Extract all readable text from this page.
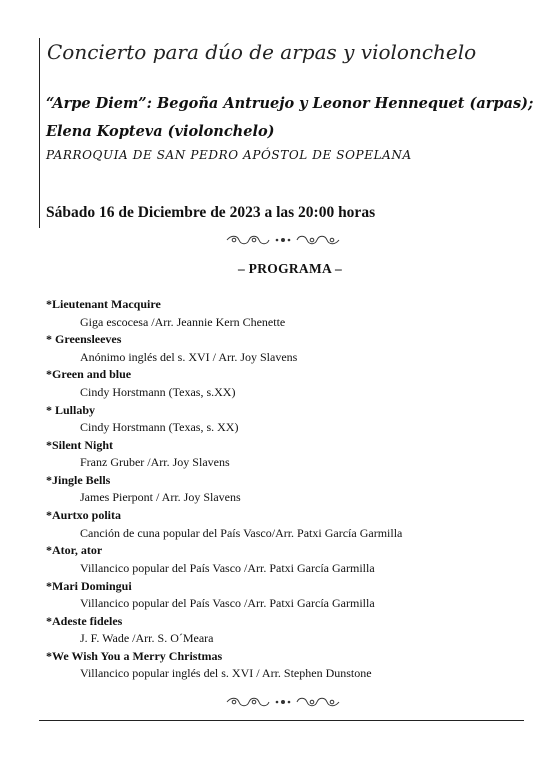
Concierto para dúo de arpas y violonchelo
“Arpe Diem”: Begoña Antruejo y Leonor Hennequet (arpas);
Elena Kopteva (violonchelo)
PARROQUIA DE SAN PEDRO APÓSTOL DE SOPELANA
Sábado 16 de Diciembre de 2023 a las 20:00 horas
– PROGRAMA –
*Lieutenant Macquire
Giga escocesa /Arr. Jeannie Kern Chenette
* Greensleeves
Anónimo inglés del s. XVI / Arr. Joy Slavens
*Green and blue
Cindy Horstmann (Texas, s.XX)
* Lullaby
Cindy Horstmann (Texas, s. XX)
*Silent Night
Franz Gruber /Arr. Joy Slavens
*Jingle Bells
James Pierpont / Arr. Joy Slavens
*Aurtxo polita
Canción de cuna popular del País Vasco/Arr. Patxi García Garmilla
*Ator, ator
Villancico popular del País Vasco /Arr. Patxi García Garmilla
*Mari Domingui
Villancico popular del País Vasco /Arr. Patxi García Garmilla
*Adeste fideles
J. F. Wade /Arr. S. O´Meara
*We Wish You a Merry Christmas
Villancico popular inglés del s. XVI / Arr. Stephen Dunstone
